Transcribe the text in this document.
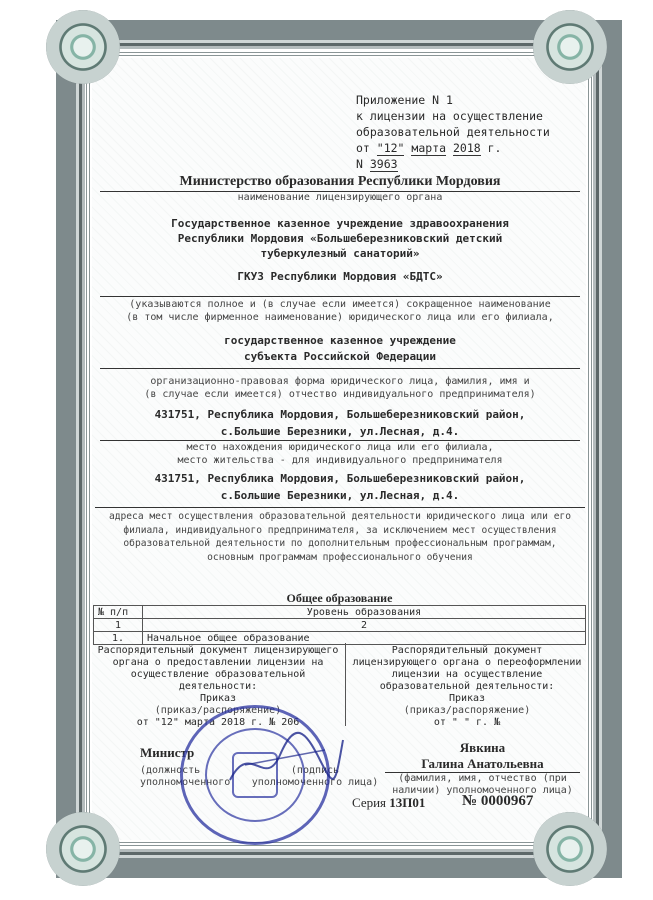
Приложение N 1
к лицензии на осуществление
образовательной деятельности
от "12" марта 2018 г.
N 3963
Министерство образования Республики Мордовия
наименование лицензирующего органа
Государственное казенное учреждение здравоохранения
Республики Мордовия «Большеберезниковский детский
туберкулезный санаторий»
ГКУЗ Республики Мордовия «БДТС»
(указываются полное и (в случае если имеется) сокращенное наименование
(в том числе фирменное наименование) юридического лица или его филиала,
государственное казенное учреждение
субъекта Российской Федерации
организационно-правовая форма юридического лица, фамилия, имя и
(в случае если имеется) отчество индивидуального предпринимателя)
431751, Республика Мордовия, Большеберезниковский район,
с.Большие Березники, ул.Лесная, д.4.
место нахождения юридического лица или его филиала,
место жительства - для индивидуального предпринимателя
431751, Республика Мордовия, Большеберезниковский район,
с.Большие Березники, ул.Лесная, д.4.
адреса мест осуществления образовательной деятельности юридического лица или его
филиала, индивидуального предпринимателя, за исключением мест осуществления
образовательной деятельности по дополнительным профессиональным программам,
основным программам профессионального обучения
Общее образование
№ п/п	Уровень образования
1	2
1.	Начальное общее образование
Распорядительный документ лицензирующего
органа о предоставлении лицензии на
осуществление образовательной
деятельности:
Приказ
(приказ/распоряжение)
от "12" марта 2018 г. № 206
Распорядительный документ
лицензирующего органа о переоформлении
лицензии на осуществление
образовательной деятельности:
Приказ
(приказ/распоряжение)
от " " г. №
Министр
(должность
уполномоченного
(подпись
уполномоченного лица)
Явкина
Галина Анатольевна
(фамилия, имя, отчество (при
наличии) уполномоченного лица)
Серия 13П01 № 0000967
